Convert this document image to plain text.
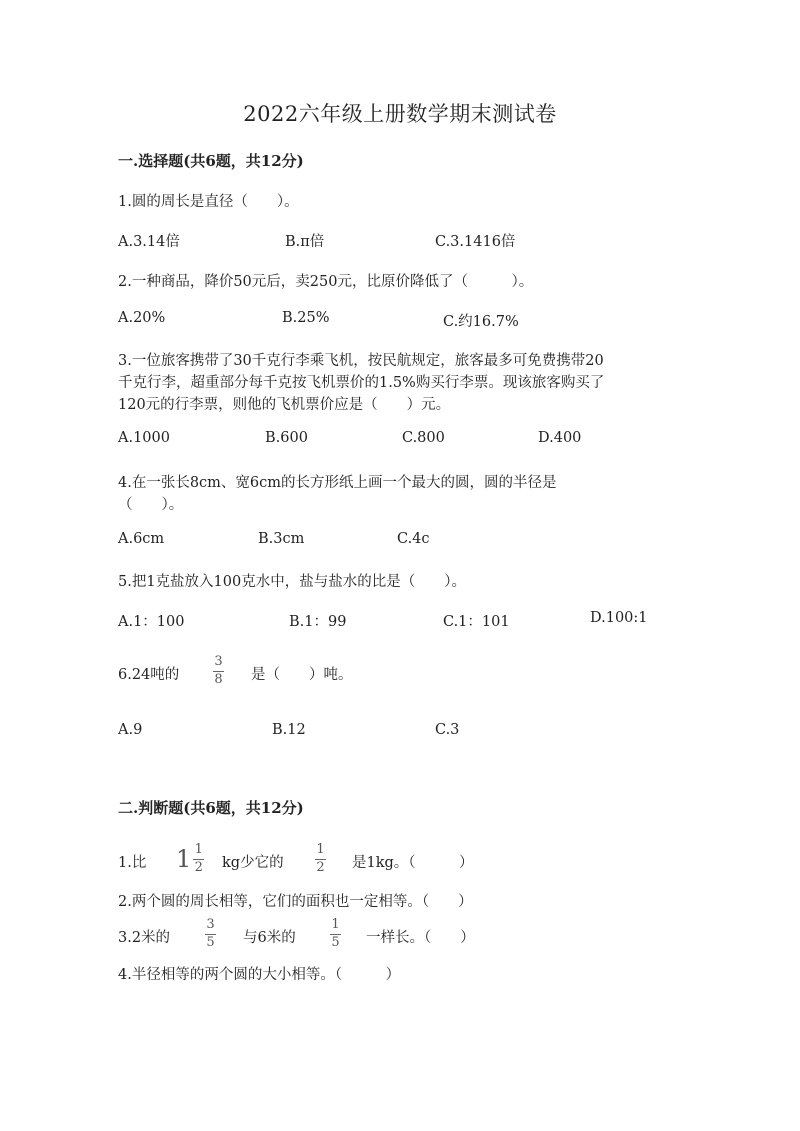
2022六年级上册数学期末测试卷
一.选择题(共6题，共12分)
1.圆的周长是直径（　　）。
A.3.14倍	B.π倍	C.3.1416倍
2.一种商品，降价50元后，卖250元，比原价降低了（　　　）。
A.20%	B.25%	C.约16.7%
3.一位旅客携带了30千克行李乘飞机，按民航规定，旅客最多可免费携带20
千克行李，超重部分每千克按飞机票价的1.5%购买行李票。现该旅客购买了
120元的行李票，则他的飞机票价应是（　　）元。
A.1000	B.600	C.800	D.400
4.在一张长8cm、宽6cm的长方形纸上画一个最大的圆，圆的半径是
（　　）。
A.6cm	B.3cm	C.4c
5.把1克盐放入100克水中，盐与盐水的比是（　　）。
A.1：100	B.1：99	C.1：101	D.100:1
6.24吨的
3
8 是（　　）吨。
A.9	B.12	C.3
二.判断题(共6题，共12分)
1.比 $1 \frac{1}{2}$ kg少它的
1
2 是1kg。（　　　）
2.两个圆的周长相等，它们的面积也一定相等。（　　）
3.2米的
3
5 与6米的
1
5 一样长。（　　）
4.半径相等的两个圆的大小相等。（　　　）
